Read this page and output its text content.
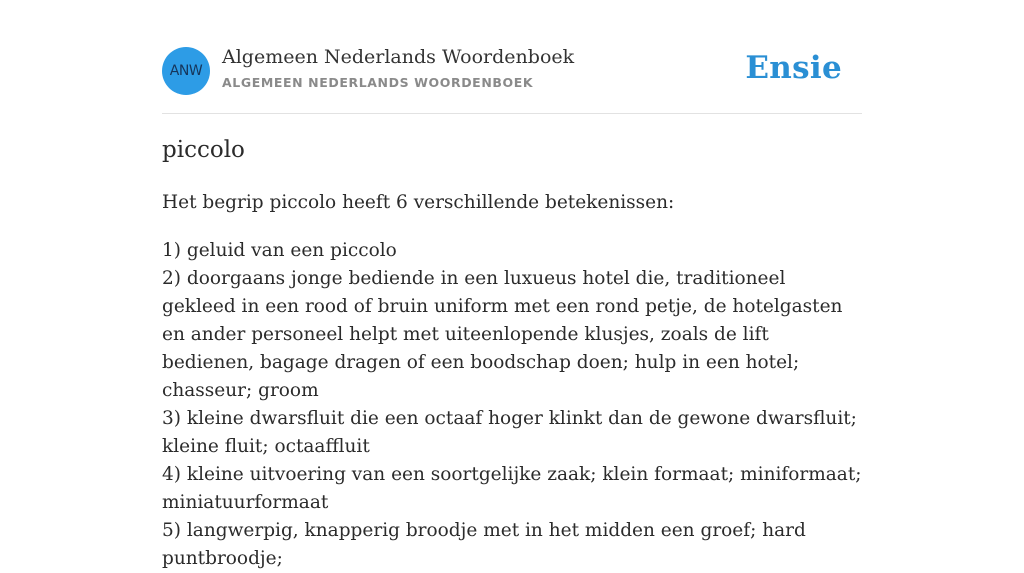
ANW
Algemeen Nederlands Woordenboek
ALGEMEEN NEDERLANDS WOORDENBOEK	Ensie
piccolo

Het begrip piccolo heeft 6 verschillende betekenissen:

1) geluid van een piccolo
2) doorgaans jonge bediende in een luxueus hotel die, traditioneel gekleed in een rood of bruin uniform met een rond petje, de hotelgasten en ander personeel helpt met uiteenlopende klusjes, zoals de lift bedienen, bagage dragen of een boodschap doen; hulp in een hotel; chasseur; groom
3) kleine dwarsfluit die een octaaf hoger klinkt dan de gewone dwarsfluit; kleine fluit; octaaffluit
4) kleine uitvoering van een soortgelijke zaak; klein formaat; miniformaat; miniatuurformaat
5) langwerpig, knapperig broodje met in het midden een groef; hard puntbroodje;
